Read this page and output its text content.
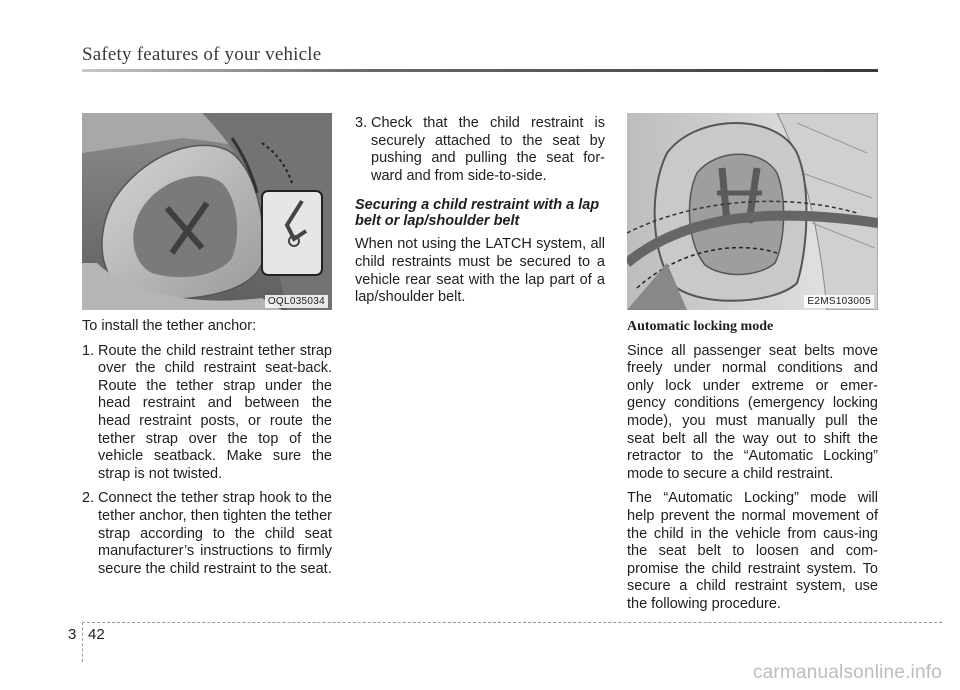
Safety features of your vehicle
OQL035034	E2MS103005

To install the tether anchor:

1. Route the child restraint tether strap over the child restraint seat-back. Route the tether strap under the head restraint and between the head restraint posts, or route the tether strap over the top of the vehicle seatback. Make sure the strap is not twisted.
2. Connect the tether strap hook to the tether anchor, then tighten the tether strap according to the child seat manufacturer’s instructions to firmly secure the child restraint to the seat.
3. Check that the child restraint is securely attached to the seat by pushing and pulling the seat for-ward and from side-to-side.
Securing a child restraint with a lap belt or lap/shoulder belt

When not using the LATCH system, all child restraints must be secured to a vehicle rear seat with the lap part of a lap/shoulder belt.

Automatic locking mode

Since all passenger seat belts move freely under normal conditions and only lock under extreme or emer-gency conditions (emergency locking mode), you must manually pull the seat belt all the way out to shift the retractor to the “Automatic Locking” mode to secure a child restraint.

The “Automatic Locking” mode will help prevent the normal movement of the child in the vehicle from caus-ing the seat belt to loosen and com-promise the child restraint system. To secure a child restraint system, use the following procedure.

3 42
carmanualsonline.info
